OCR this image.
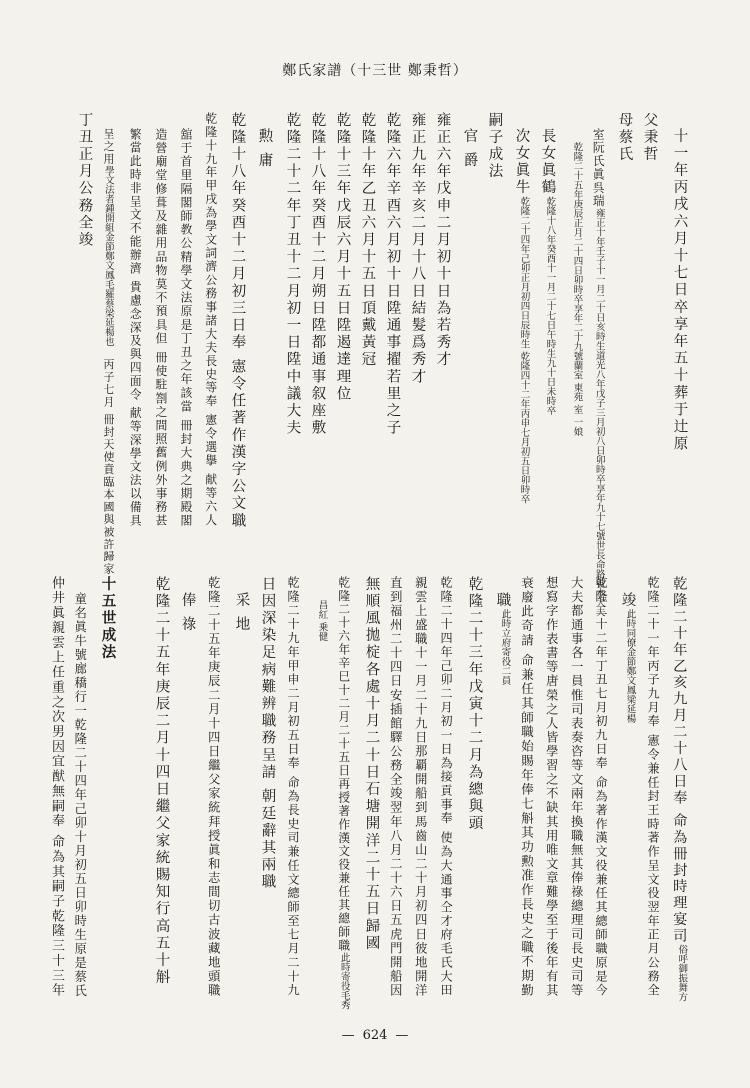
鄭氏家譜（十三世 鄭秉哲）
十一年丙戌六月十七日卒享年五十葬于辻原
父秉哲
母蔡氏
室阮氏眞呉瑞$^{雍正十年壬子十一月二十日亥時生道光八年戊子三月初八日卯時卒享年九十七號世長命路號本大夫}$
$^{乾隆二十五年庚辰正月二十四日卯時卒享年二十九號蘭室 東苑 室 一娘}$
長女眞鶴$^{乾隆十八年癸酉十一月二十七日午時生九十日未時卒}$
次女眞牛$^{乾隆二十四年己卯正月初四日辰時生 乾隆四十二年丙申七月初五日卯時卒}$
嗣子成法
官 爵
雍正六年戊申二月初十日為若秀才
雍正九年辛亥二月十八日結髮爲秀才
乾隆六年辛酉六月初十日陞通事擢若里之子
乾隆十年乙丑六月十五日頂戴黃冠
乾隆十三年戊辰六月十五日陞遏達理位
乾隆十八年癸酉十二月朔日陞都通事叙座敷
乾隆二十二年丁丑十二月初一日陞中議大夫
勲 庸
乾隆十八年癸酉十二月初三日奉 憲令任著作漢字公文職
乾隆十九年甲戌為學文詞濟公務事諸大夫長史等奉 憲令選擧 献等六人
舘于首里隔閣師教公精學文法原是丁丑之年該當 冊封大典之期殿閣
造營廟堂修葺及雜用品物莫不預具但 冊使駐劄之間照舊例外事務甚
繁當此時非呈文不能辦濟 貴慮念深及與四面令 献等深學文法以備具
呈之用學文法者鍾開組金節鄭文鳳毛羅蔡梁延楊也　丙子七月 冊封天使賁臨本國與被許歸家
丁丑正月公務全竣
乾隆二十年乙亥九月二十八日奉 命為冊封時理宴司$^{俗呼御振舞方}$
乾隆二十一年丙子九月奉 憲令兼任封王時著作呈文役翌年正月公務全
竣$^{此時同僚金節鄭文鳳梁延楊}$
乾隆二十二年丁丑七月初九日奉 命為著作漢文役兼任其總師職原是今
大夫都通事各一員惟司表奏咨等文兩年換職無其俸祿總理司長史司等
想寫字作表書等唐榮之人皆學習之不缺其用唯文章難學至于後年有其
衰廢此奇請 命兼任其師職始賜年俸七斛其功勲准作長史之職不期勤
職$^{此時立府寄役二員}$
乾隆二十三年戊寅十二月為總與頭
乾隆二十四年己卯二月初一日為接貢事奉 使為大通事仝才府毛氏大田
親雲上盛職十一月二十九日那覇開船到馬齒山二十月初四日彼地開洋
直到福州二十四日安插館驛公務全竣翌年八月二十六日五虎門開船因
無順風拋椗各處十月二十日石塘開洋二十五日歸國
乾隆二十六年辛巳十二月二十五日再授著作漢文役兼任其總師職$^{此時寄役毛秀}$
$^{昌紅 乗健}$
乾隆二十九年甲申二月初五日奉 命為長史司兼任文總師至七月二十九
日因深染足病難辨職務呈請 朝廷辭其兩職
采 地
乾隆二十五年庚辰二月十四日繼父家統拜授眞和志間切古波藏地頭職
俸 祿
乾隆二十五年庚辰二月十四日繼父家統賜知行高五十斛
十五世成法
童名眞牛號廊穚行一乾隆二十四年己卯十月初五日卯時生原是蔡氏
仲井眞親雲上任重之次男因宜猷無嗣奉 命為其嗣子乾隆三十三年
— 624 —
